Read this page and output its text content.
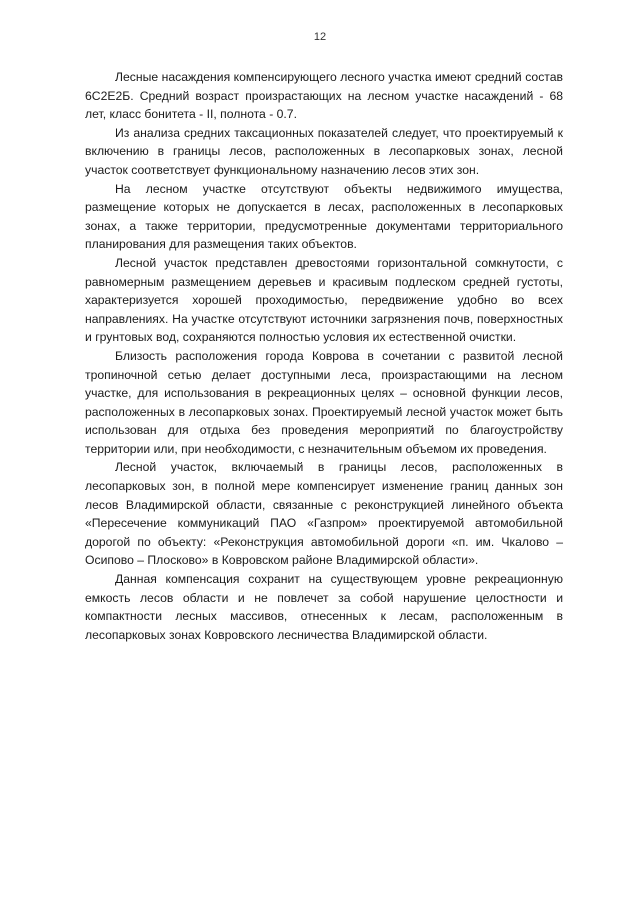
12

Лесные насаждения компенсирующего лесного участка имеют средний состав 6С2Е2Б. Средний возраст произрастающих на лесном участке насаждений - 68 лет, класс бонитета - II, полнота - 0.7.

Из анализа средних таксационных показателей следует, что проектируемый к включению в границы лесов, расположенных в лесопарковых зонах, лесной участок соответствует функциональному назначению лесов этих зон.

На лесном участке отсутствуют объекты недвижимого имущества, размещение которых не допускается в лесах, расположенных в лесопарковых зонах, а также территории, предусмотренные документами территориального планирования для размещения таких объектов.

Лесной участок представлен древостоями горизонтальной сомкнутости, с равномерным размещением деревьев и красивым подлеском средней густоты, характеризуется хорошей проходимостью, передвижение удобно во всех направлениях. На участке отсутствуют источники загрязнения почв, поверхностных и грунтовых вод, сохраняются полностью условия их естественной очистки.

Близость расположения города Коврова в сочетании с развитой лесной тропиночной сетью делает доступными леса, произрастающими на лесном участке, для использования в рекреационных целях – основной функции лесов, расположенных в лесопарковых зонах. Проектируемый лесной участок может быть использован для отдыха без проведения мероприятий по благоустройству территории или, при необходимости, с незначительным объемом их проведения.

Лесной участок, включаемый в границы лесов, расположенных в лесопарковых зон, в полной мере компенсирует изменение границ данных зон лесов Владимирской области, связанные с реконструкцией линейного объекта «Пересечение коммуникаций ПАО «Газпром» проектируемой автомобильной дорогой по объекту: «Реконструкция автомобильной дороги «п. им. Чкалово – Осипово – Плосково» в Ковровском районе Владимирской области».

Данная компенсация сохранит на существующем уровне рекреационную емкость лесов области и не повлечет за собой нарушение целостности и компактности лесных массивов, отнесенных к лесам, расположенным в лесопарковых зонах Ковровского лесничества Владимирской области.
